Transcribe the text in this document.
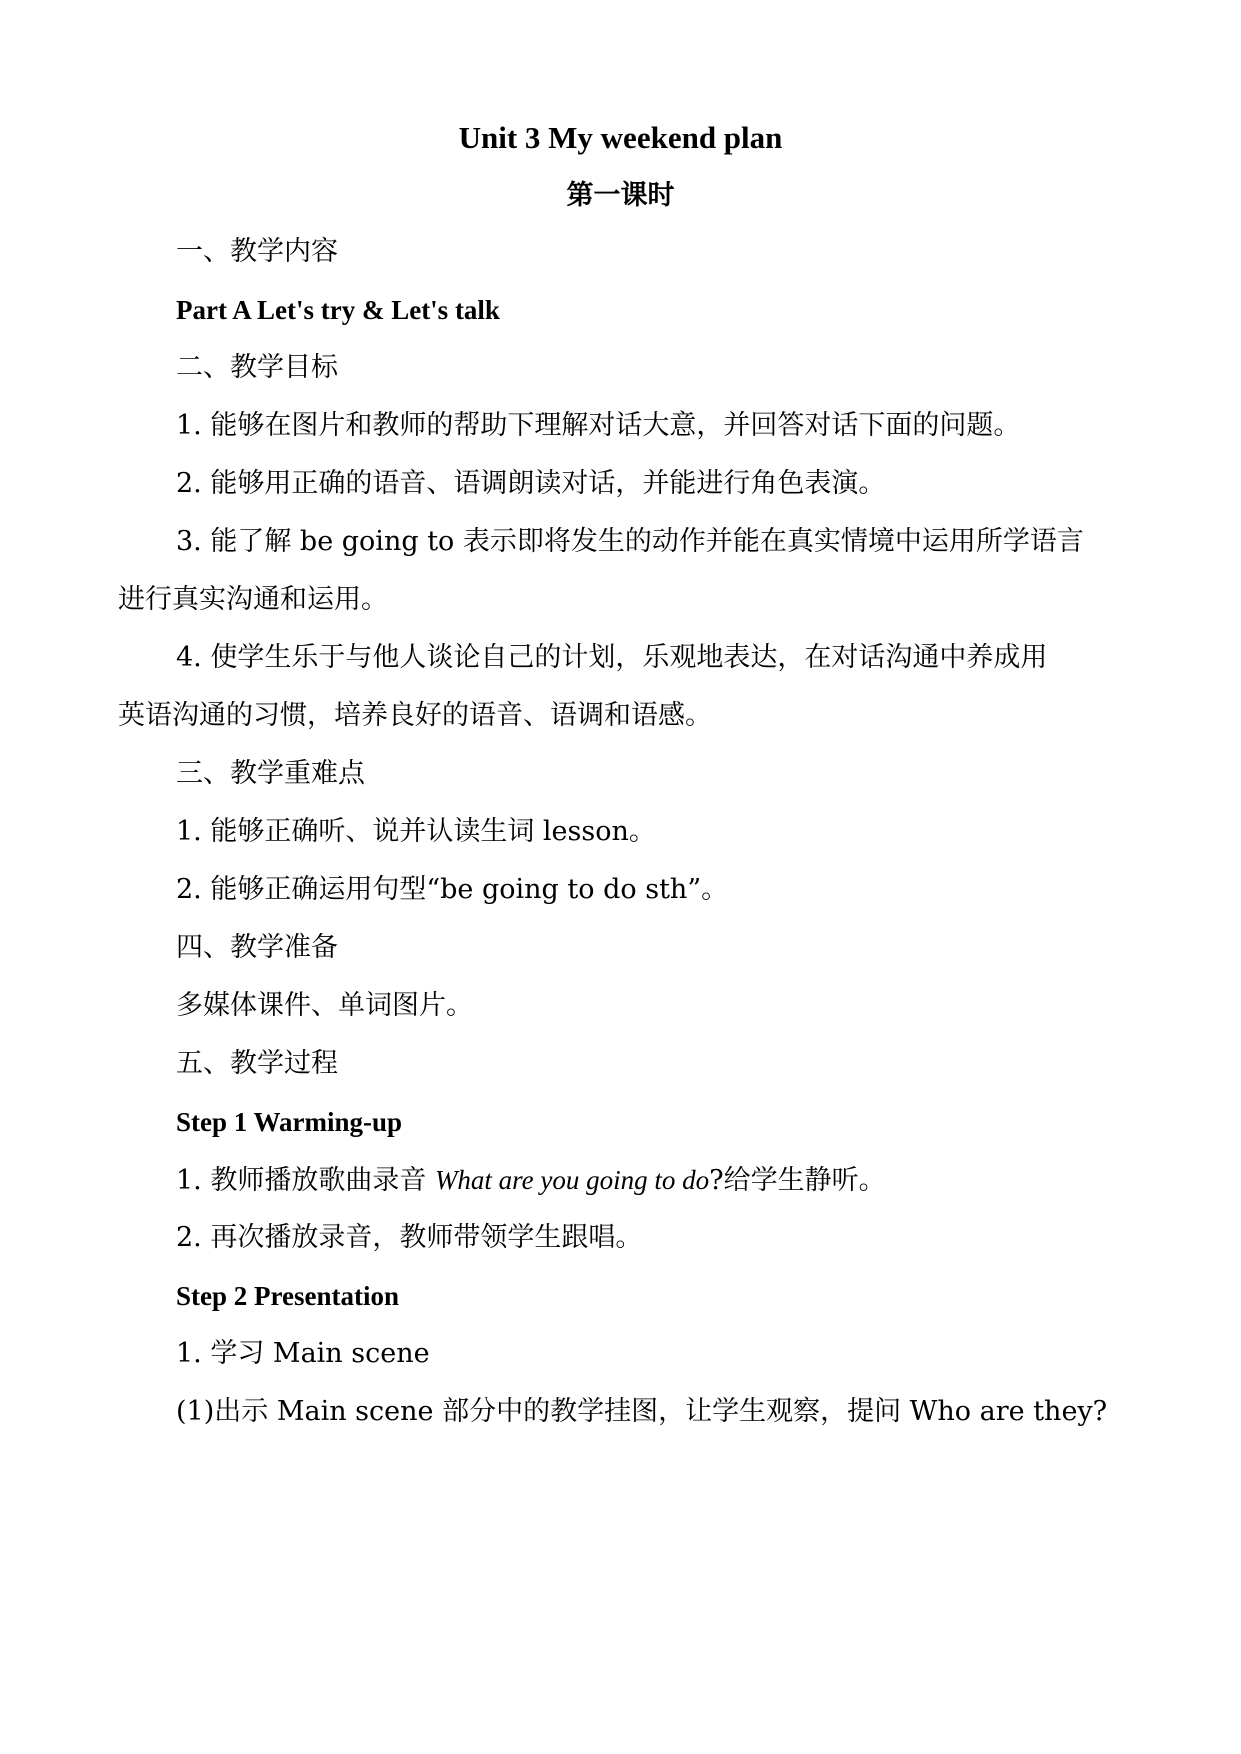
Unit 3 My weekend plan
第一课时
一、教学内容
Part A Let's try & Let's talk
二、教学目标
1. 能够在图片和教师的帮助下理解对话大意，并回答对话下面的问题。
2. 能够用正确的语音、语调朗读对话，并能进行角色表演。
3. 能了解 be going to 表示即将发生的动作并能在真实情境中运用所学语言
进行真实沟通和运用。
4. 使学生乐于与他人谈论自己的计划，乐观地表达，在对话沟通中养成用
英语沟通的习惯，培养良好的语音、语调和语感。
三、教学重难点
1. 能够正确听、说并认读生词 lesson。
2. 能够正确运用句型“be going to do sth”。
四、教学准备
多媒体课件、单词图片。
五、教学过程
Step 1 Warming-up
1. 教师播放歌曲录音 What are you going to do?给学生静听。
2. 再次播放录音，教师带领学生跟唱。
Step 2 Presentation
1. 学习 Main scene
(1)出示 Main scene 部分中的教学挂图，让学生观察，提问 Who are they?
